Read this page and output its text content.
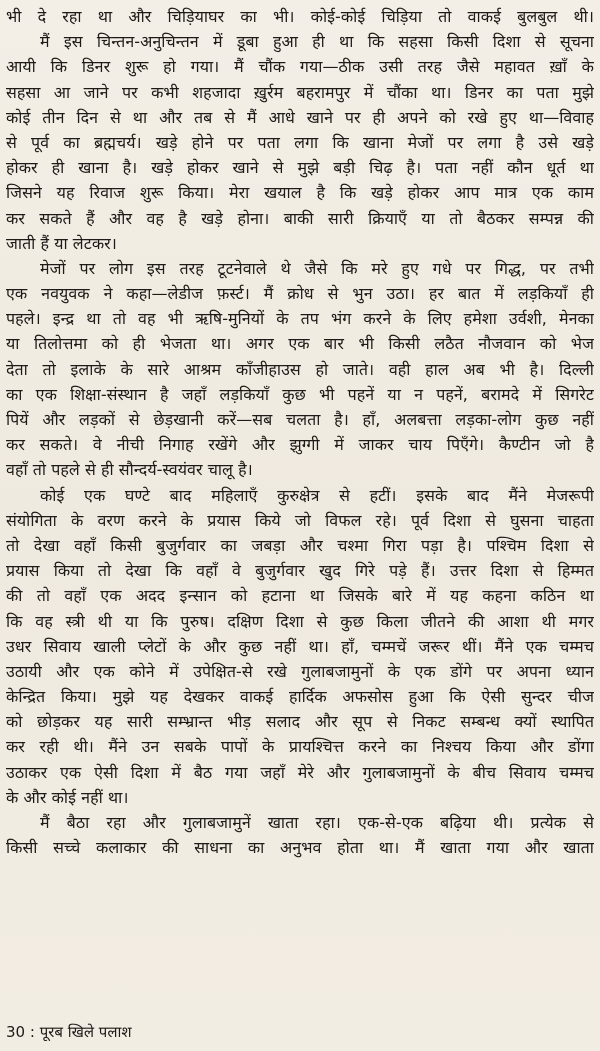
भी दे रहा था और चिड़ियाघर का भी। कोई-कोई चिड़िया तो वाकई बुलबुल थी।
मैं इस चिन्तन-अनुचिन्तन में डूबा हुआ ही था कि सहसा किसी दिशा से सूचना
आयी कि डिनर शुरू हो गया। मैं चौंक गया—ठीक उसी तरह जैसे महावत ख़ाँ के
सहसा आ जाने पर कभी शहजादा ख़ुर्रम बहरामपुर में चौंका था। डिनर का पता मुझे
कोई तीन दिन से था और तब से मैं आधे खाने पर ही अपने को रखे हुए था—विवाह
से पूर्व का ब्रह्मचर्य। खड़े होने पर पता लगा कि खाना मेजों पर लगा है उसे खड़े
होकर ही खाना है। खड़े होकर खाने से मुझे बड़ी चिढ़ है। पता नहीं कौन धूर्त था
जिसने यह रिवाज शुरू किया। मेरा खयाल है कि खड़े होकर आप मात्र एक काम
कर सकते हैं और वह है खड़े होना। बाकी सारी क्रियाएँ या तो बैठकर सम्पन्न की
जाती हैं या लेटकर।
मेजों पर लोग इस तरह टूटनेवाले थे जैसे कि मरे हुए गधे पर गिद्ध, पर तभी
एक नवयुवक ने कहा—लेडीज फ़र्स्ट। मैं क्रोध से भुन उठा। हर बात में लड़कियाँ ही
पहले। इन्द्र था तो वह भी ऋषि-मुनियों के तप भंग करने के लिए हमेशा उर्वशी, मेनका
या तिलोत्तमा को ही भेजता था। अगर एक बार भी किसी लठैत नौजवान को भेज
देता तो इलाके के सारे आश्रम काँजीहाउस हो जाते। वही हाल अब भी है। दिल्ली
का एक शिक्षा-संस्थान है जहाँ लड़कियाँ कुछ भी पहनें या न पहनें, बरामदे में सिगरेट
पियें और लड़कों से छेड़खानी करें—सब चलता है। हाँ, अलबत्ता लड़का-लोग कुछ नहीं
कर सकते। वे नीची निगाह रखेंगे और झुग्गी में जाकर चाय पिएँगे। कैण्टीन जो है
वहाँ तो पहले से ही सौन्दर्य-स्वयंवर चालू है।
कोई एक घण्टे बाद महिलाएँ कुरुक्षेत्र से हटीं। इसके बाद मैंने मेजरूपी
संयोगिता के वरण करने के प्रयास किये जो विफल रहे। पूर्व दिशा से घुसना चाहता
तो देखा वहाँ किसी बुजुर्गवार का जबड़ा और चश्मा गिरा पड़ा है। पश्चिम दिशा से
प्रयास किया तो देखा कि वहाँ वे बुजुर्गवार खुद गिरे पड़े हैं। उत्तर दिशा से हिम्मत
की तो वहाँ एक अदद इन्सान को हटाना था जिसके बारे में यह कहना कठिन था
कि वह स्त्री थी या कि पुरुष। दक्षिण दिशा से कुछ किला जीतने की आशा थी मगर
उधर सिवाय खाली प्लेटों के और कुछ नहीं था। हाँ, चम्मचें जरूर थीं। मैंने एक चम्मच
उठायी और एक कोने में उपेक्षित-से रखे गुलाबजामुनों के एक डोंगे पर अपना ध्यान
केन्द्रित किया। मुझे यह देखकर वाकई हार्दिक अफसोस हुआ कि ऐसी सुन्दर चीज
को छोड़कर यह सारी सम्भ्रान्त भीड़ सलाद और सूप से निकट सम्बन्ध क्यों स्थापित
कर रही थी। मैंने उन सबके पापों के प्रायश्चित्त करने का निश्चय किया और डोंगा
उठाकर एक ऐसी दिशा में बैठ गया जहाँ मेरे और गुलाबजामुनों के बीच सिवाय चम्मच
के और कोई नहीं था।
मैं बैठा रहा और गुलाबजामुनें खाता रहा। एक-से-एक बढ़िया थी। प्रत्येक से
किसी सच्चे कलाकार की साधना का अनुभव होता था। मैं खाता गया और खाता
30 : पूरब खिले पलाश
